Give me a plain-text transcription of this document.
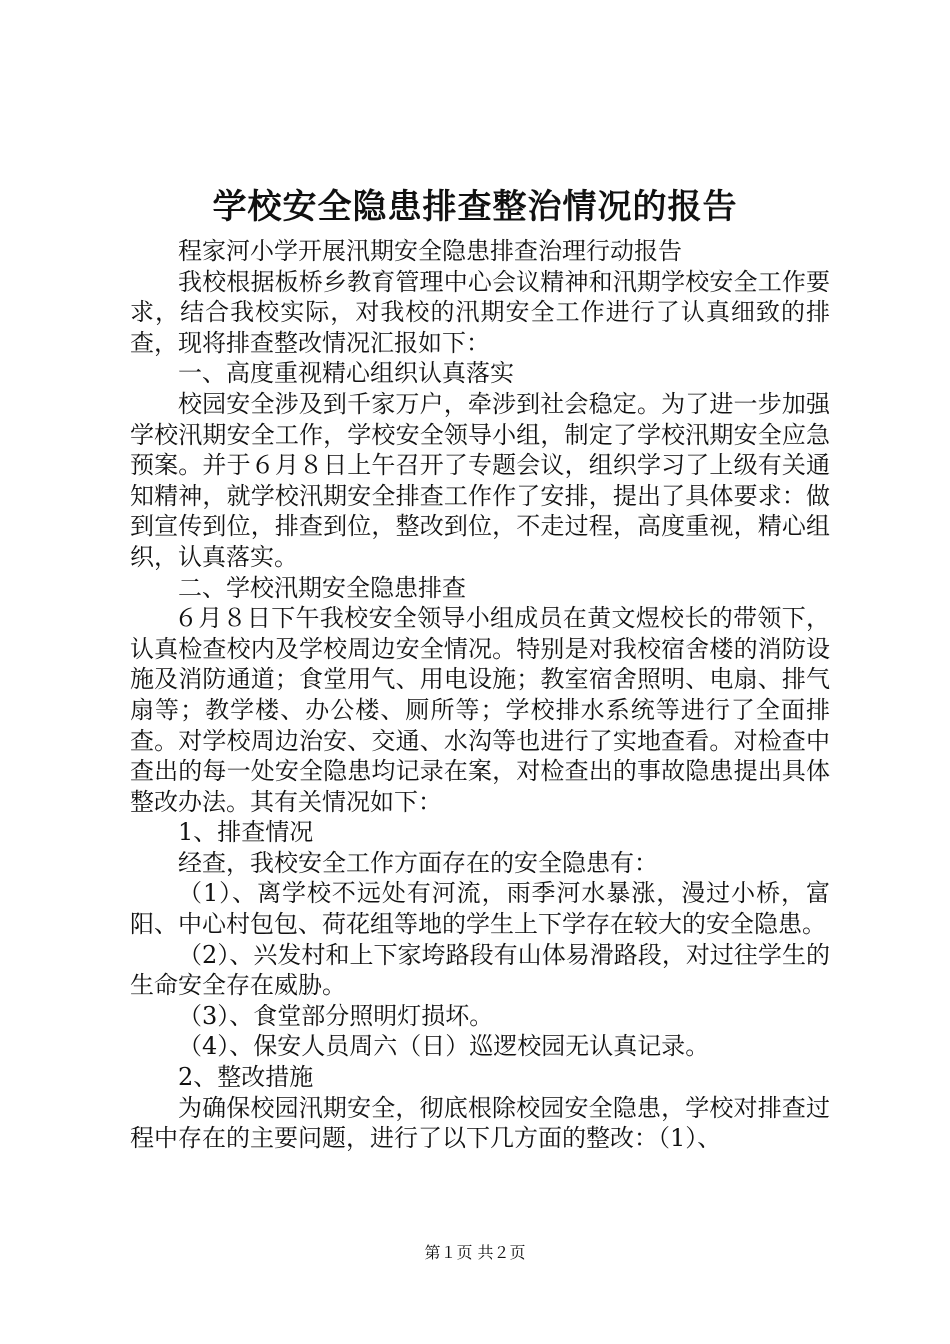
学校安全隐患排查整治情况的报告

程家河小学开展汛期安全隐患排查治理行动报告

我校根据板桥乡教育管理中心会议精神和汛期学校安全工作要求，结合我校实际，对我校的汛期安全工作进行了认真细致的排查，现将排查整改情况汇报如下：

一、高度重视精心组织认真落实

校园安全涉及到千家万户，牵涉到社会稳定。为了进一步加强学校汛期安全工作，学校安全领导小组，制定了学校汛期安全应急预案。并于６月８日上午召开了专题会议，组织学习了上级有关通知精神，就学校汛期安全排查工作作了安排，提出了具体要求：做到宣传到位，排查到位，整改到位，不走过程，高度重视，精心组织，认真落实。

二、学校汛期安全隐患排查

６月８日下午我校安全领导小组成员在黄文煜校长的带领下，认真检查校内及学校周边安全情况。特别是对我校宿舍楼的消防设施及消防通道；食堂用气、用电设施；教室宿舍照明、电扇、排气扇等；教学楼、办公楼、厕所等；学校排水系统等进行了全面排查。对学校周边治安、交通、水沟等也进行了实地查看。对检查中查出的每一处安全隐患均记录在案，对检查出的事故隐患提出具体整改办法。其有关情况如下：

1、排查情况

经查，我校安全工作方面存在的安全隐患有：

（1）、离学校不远处有河流，雨季河水暴涨，漫过小桥，富阳、中心村包包、荷花组等地的学生上下学存在较大的安全隐患。

（2）、兴发村和上下家垮路段有山体易滑路段，对过往学生的生命安全存在威胁。

（3）、食堂部分照明灯损坏。

（4）、保安人员周六（日）巡逻校园无认真记录。

2、整改措施

为确保校园汛期安全，彻底根除校园安全隐患，学校对排查过程中存在的主要问题，进行了以下几方面的整改：（1）、

第１页 共２页
